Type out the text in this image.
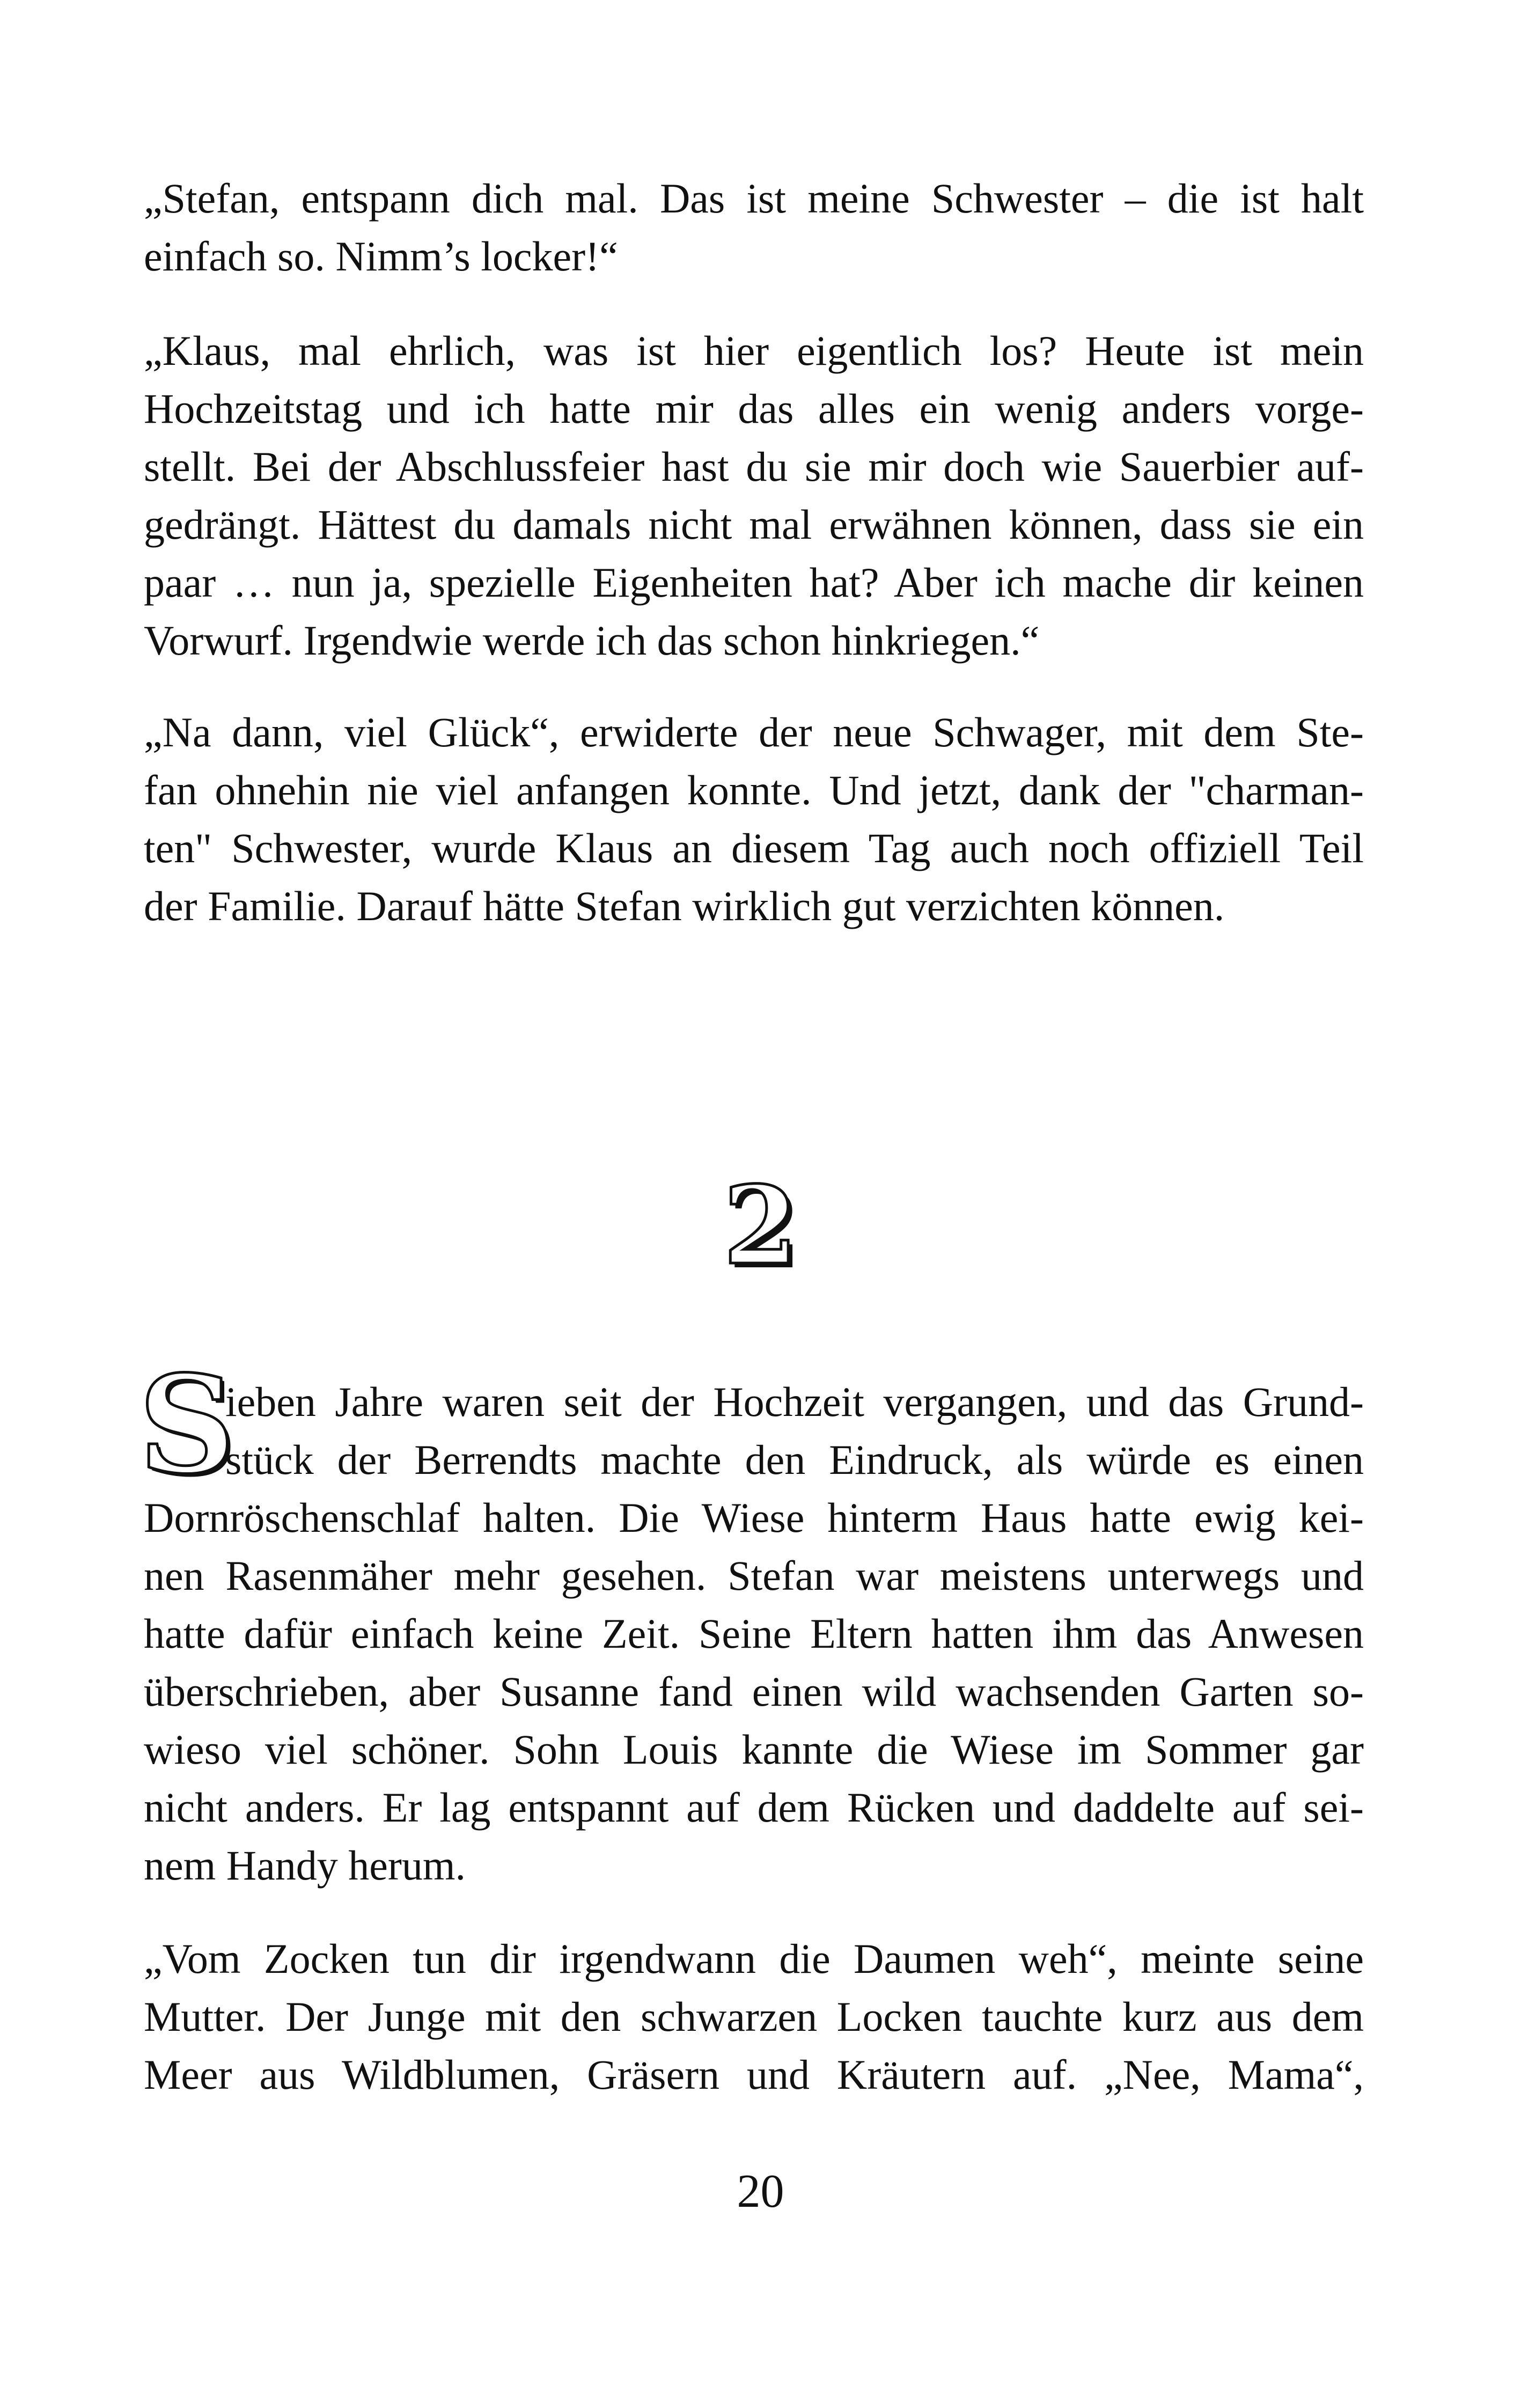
„Stefan, entspann dich mal. Das ist meine Schwester – die ist halt
einfach so. Nimm’s locker!“

„Klaus, mal ehrlich, was ist hier eigentlich los? Heute ist mein
Hochzeitstag und ich hatte mir das alles ein wenig anders vorge-
stellt. Bei der Abschlussfeier hast du sie mir doch wie Sauerbier auf-
gedrängt. Hättest du damals nicht mal erwähnen können, dass sie ein
paar … nun ja, spezielle Eigenheiten hat? Aber ich mache dir keinen
Vorwurf. Irgendwie werde ich das schon hinkriegen.“

„Na dann, viel Glück“, erwiderte der neue Schwager, mit dem Ste-
fan ohnehin nie viel anfangen konnte. Und jetzt, dank der "charman-
ten" Schwester, wurde Klaus an diesem Tag auch noch offiziell Teil
der Familie. Darauf hätte Stefan wirklich gut verzichten können.

2
S

ieben Jahre waren seit der Hochzeit vergangen, und das Grund-
stück der Berrendts machte den Eindruck, als würde es einen
Dornröschenschlaf halten. Die Wiese hinterm Haus hatte ewig kei-
nen Rasenmäher mehr gesehen. Stefan war meistens unterwegs und
hatte dafür einfach keine Zeit. Seine Eltern hatten ihm das Anwesen
überschrieben, aber Susanne fand einen wild wachsenden Garten so-
wieso viel schöner. Sohn Louis kannte die Wiese im Sommer gar
nicht anders. Er lag entspannt auf dem Rücken und daddelte auf sei-
nem Handy herum.

„Vom Zocken tun dir irgendwann die Daumen weh“, meinte seine
Mutter. Der Junge mit den schwarzen Locken tauchte kurz aus dem
Meer aus Wildblumen, Gräsern und Kräutern auf. „Nee, Mama“,

20
